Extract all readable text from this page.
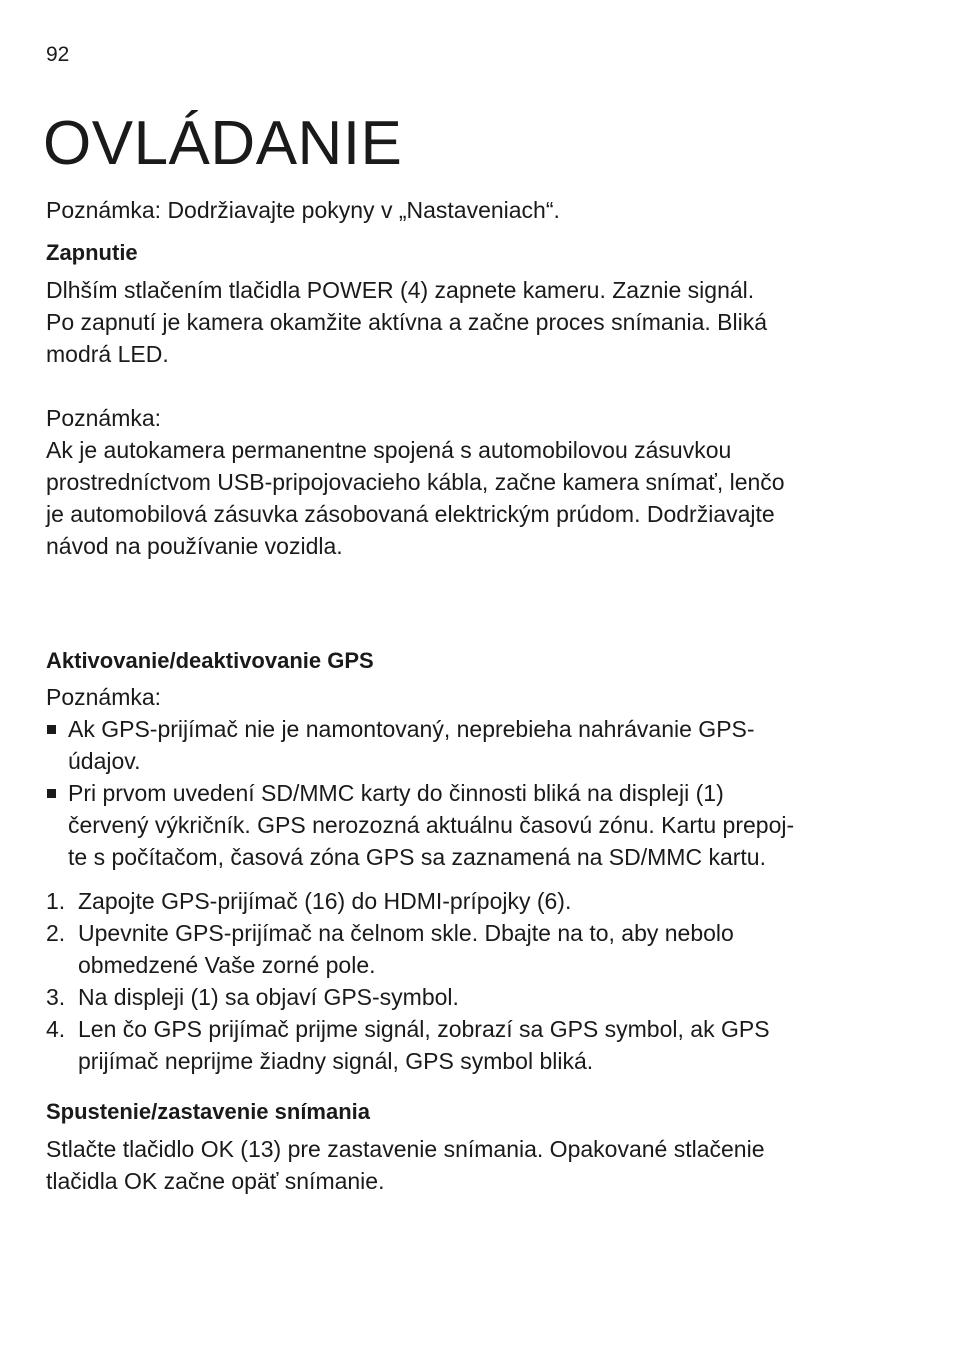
92
OVLÁDANIE

Poznámka: Dodržiavajte pokyny v „Nastaveniach“.

Zapnutie

Dlhším stlačením tlačidla POWER (4) zapnete kameru. Zaznie signál.

Po zapnutí je kamera okamžite aktívna a začne proces snímania. Bliká

modrá LED.

Poznámka:

Ak je autokamera permanentne spojená s automobilovou zásuvkou

prostredníctvom USB-pripojovacieho kábla, začne kamera snímať, lenčo

je automobilová zásuvka zásobovaná elektrickým prúdom. Dodržiavajte

návod na používanie vozidla.

Aktivovanie/deaktivovanie GPS

Poznámka:

Ak GPS-prijímač nie je namontovaný, neprebieha nahrávanie GPS-
údajov.
Pri prvom uvedení SD/MMC karty do činnosti bliká na displeji (1)
červený výkričník. GPS nerozozná aktuálnu časovú zónu. Kartu prepoj-
te s počítačom, časová zóna GPS sa zaznamená na SD/MMC kartu.
1. Zapojte GPS-prijímač (16) do HDMI-prípojky (6).
2. Upevnite GPS-prijímač na čelnom skle. Dbajte na to, aby nebolo
obmedzené Vaše zorné pole.
3. Na displeji (1) sa objaví GPS-symbol.
4. Len čo GPS prijímač prijme signál, zobrazí sa GPS symbol, ak GPS
prijímač neprijme žiadny signál, GPS symbol bliká.
Spustenie/zastavenie snímania

Stlačte tlačidlo OK (13) pre zastavenie snímania. Opakované stlačenie

tlačidla OK začne opäť snímanie.
